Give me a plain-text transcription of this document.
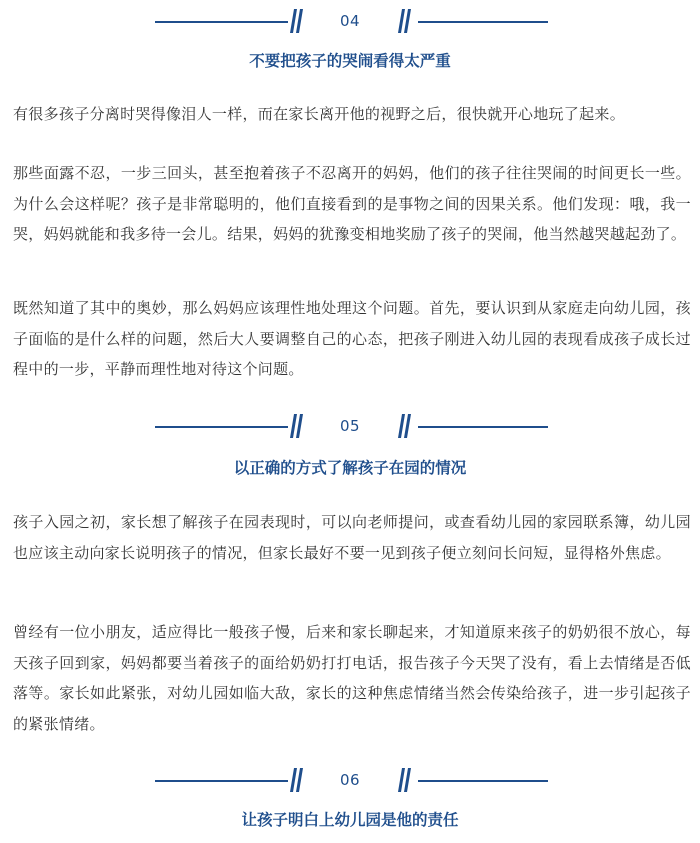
04
不要把孩子的哭闹看得太严重

有很多孩子分离时哭得像泪人一样，而在家长离开他的视野之后，很快就开心地玩了起来。

那些面露不忍，一步三回头，甚至抱着孩子不忍离开的妈妈，他们的孩子往往哭闹的时间更长一些。为什么会这样呢？孩子是非常聪明的，他们直接看到的是事物之间的因果关系。他们发现：哦，我一哭，妈妈就能和我多待一会儿。结果，妈妈的犹豫变相地奖励了孩子的哭闹，他当然越哭越起劲了。

既然知道了其中的奥妙，那么妈妈应该理性地处理这个问题。首先，要认识到从家庭走向幼儿园，孩子面临的是什么样的问题，然后大人要调整自己的心态，把孩子刚进入幼儿园的表现看成孩子成长过程中的一步，平静而理性地对待这个问题。

05
以正确的方式了解孩子在园的情况

孩子入园之初，家长想了解孩子在园表现时，可以向老师提问，或查看幼儿园的家园联系簿，幼儿园也应该主动向家长说明孩子的情况，但家长最好不要一见到孩子便立刻问长问短，显得格外焦虑。

曾经有一位小朋友，适应得比一般孩子慢，后来和家长聊起来，才知道原来孩子的奶奶很不放心，每天孩子回到家，妈妈都要当着孩子的面给奶奶打打电话，报告孩子今天哭了没有，看上去情绪是否低落等。家长如此紧张，对幼儿园如临大敌，家长的这种焦虑情绪当然会传染给孩子，进一步引起孩子的紧张情绪。

06
让孩子明白上幼儿园是他的责任
